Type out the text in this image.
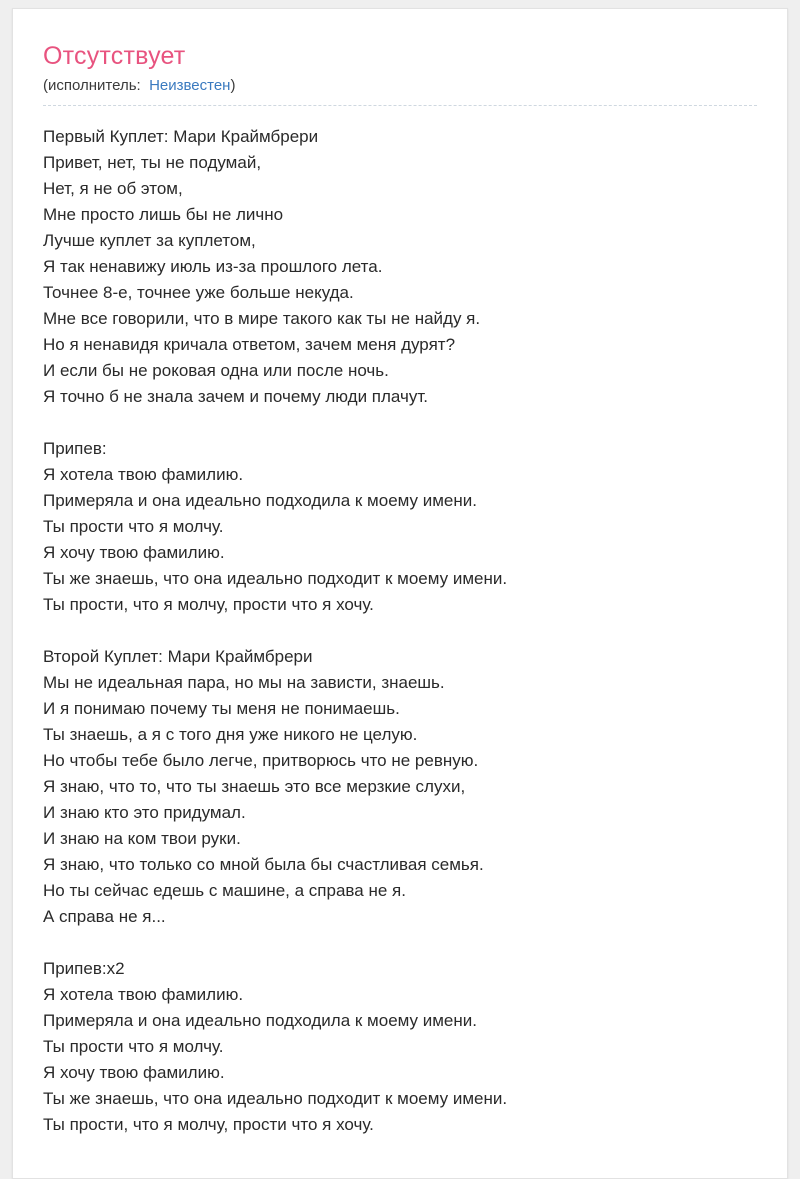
Отсутствует
(исполнитель: Неизвестен)
Первый Куплет: Мари Краймбрери
Привет, нет, ты не подумай,
Нет, я не об этом,
Мне просто лишь бы не лично
Лучше куплет за куплетом,
Я так ненавижу июль из-за прошлого лета.
Точнее 8-е, точнее уже больше некуда.
Мне все говорили, что в мире такого как ты не найду я.
Но я ненавидя кричала ответом, зачем меня дурят?
И если бы не роковая одна или после ночь.
Я точно б не знала зачем и почему люди плачут.
Припев:
Я хотела твою фамилию.
Примеряла и она идеально подходила к моему имени.
Ты прости что я молчу.
Я хочу твою фамилию.
Ты же знаешь, что она идеально подходит к моему имени.
Ты прости, что я молчу, прости что я хочу.
Второй Куплет: Мари Краймбрери
Мы не идеальная пара, но мы на зависти, знаешь.
И я понимаю почему ты меня не понимаешь.
Ты знаешь, а я с того дня уже никого не целую.
Но чтобы тебе было легче, притворюсь что не ревную.
Я знаю, что то, что ты знаешь это все мерзкие слухи,
И знаю кто это придумал.
И знаю на ком твои руки.
Я знаю, что только со мной была бы счастливая семья.
Но ты сейчас едешь с машине, а справа не я.
А справа не я...
Припев:х2
Я хотела твою фамилию.
Примеряла и она идеально подходила к моему имени.
Ты прости что я молчу.
Я хочу твою фамилию.
Ты же знаешь, что она идеально подходит к моему имени.
Ты прости, что я молчу, прости что я хочу.
